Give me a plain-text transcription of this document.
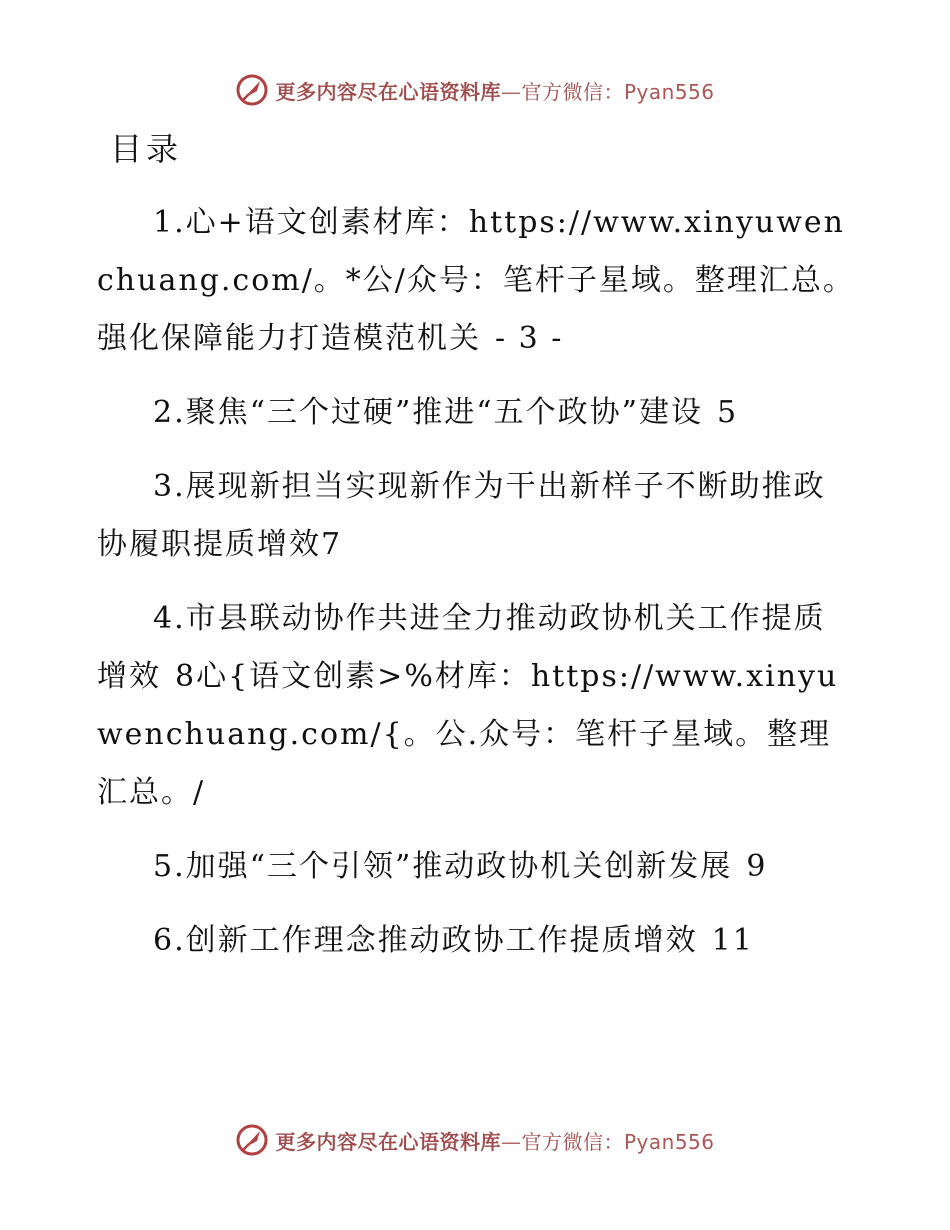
更多内容尽在心语资料库—官方微信：Pyan556
目录
1.心+语文创素材库：https://www.xinyuwenchuang.com/。*公/众号：笔杆子星域。整理汇总。强化保障能力打造模范机关 - 3 -
2.聚焦“三个过硬”推进“五个政协”建设 5
3.展现新担当实现新作为干出新样子不断助推政协履职提质增效7
4.市县联动协作共进全力推动政协机关工作提质增效 8心{语文创素>%材库：https://www.xinyuwenchuang.com/{。公.众号：笔杆子星域。整理汇总。/
5.加强“三个引领”推动政协机关创新发展 9
6.创新工作理念推动政协工作提质增效 11
更多内容尽在心语资料库—官方微信：Pyan556
